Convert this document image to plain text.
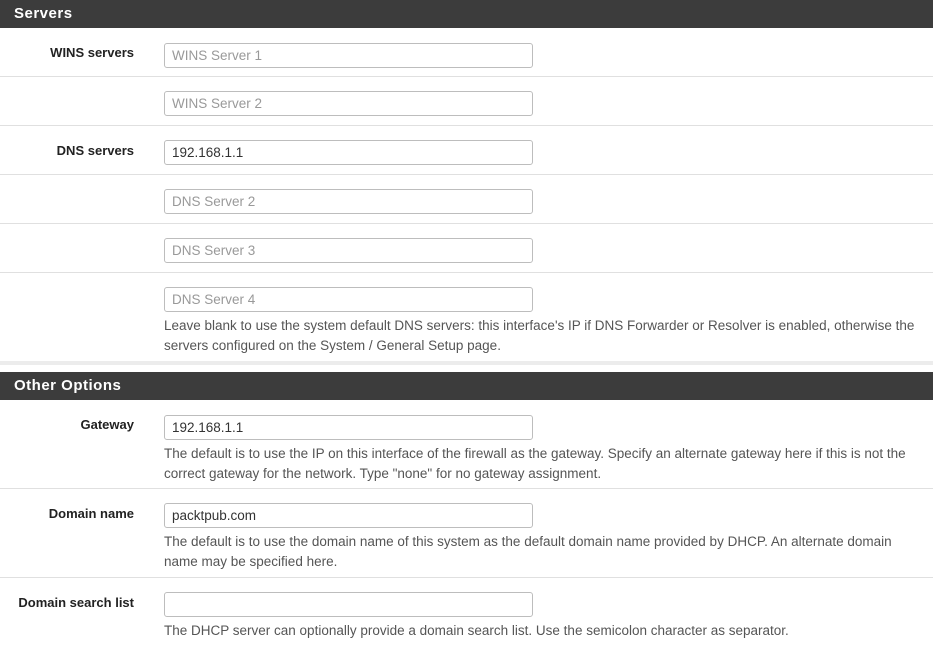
Servers
WINS servers
WINS Server 1
WINS Server 2
DNS servers
192.168.1.1
DNS Server 2
DNS Server 3
DNS Server 4
Leave blank to use the system default DNS servers: this interface's IP if DNS Forwarder or Resolver is enabled, otherwise the servers configured on the System / General Setup page.
Other Options
Gateway
192.168.1.1
The default is to use the IP on this interface of the firewall as the gateway. Specify an alternate gateway here if this is not the correct gateway for the network. Type "none" for no gateway assignment.
Domain name
packtpub.com
The default is to use the domain name of this system as the default domain name provided by DHCP. An alternate domain name may be specified here.
Domain search list
The DHCP server can optionally provide a domain search list. Use the semicolon character as separator.
